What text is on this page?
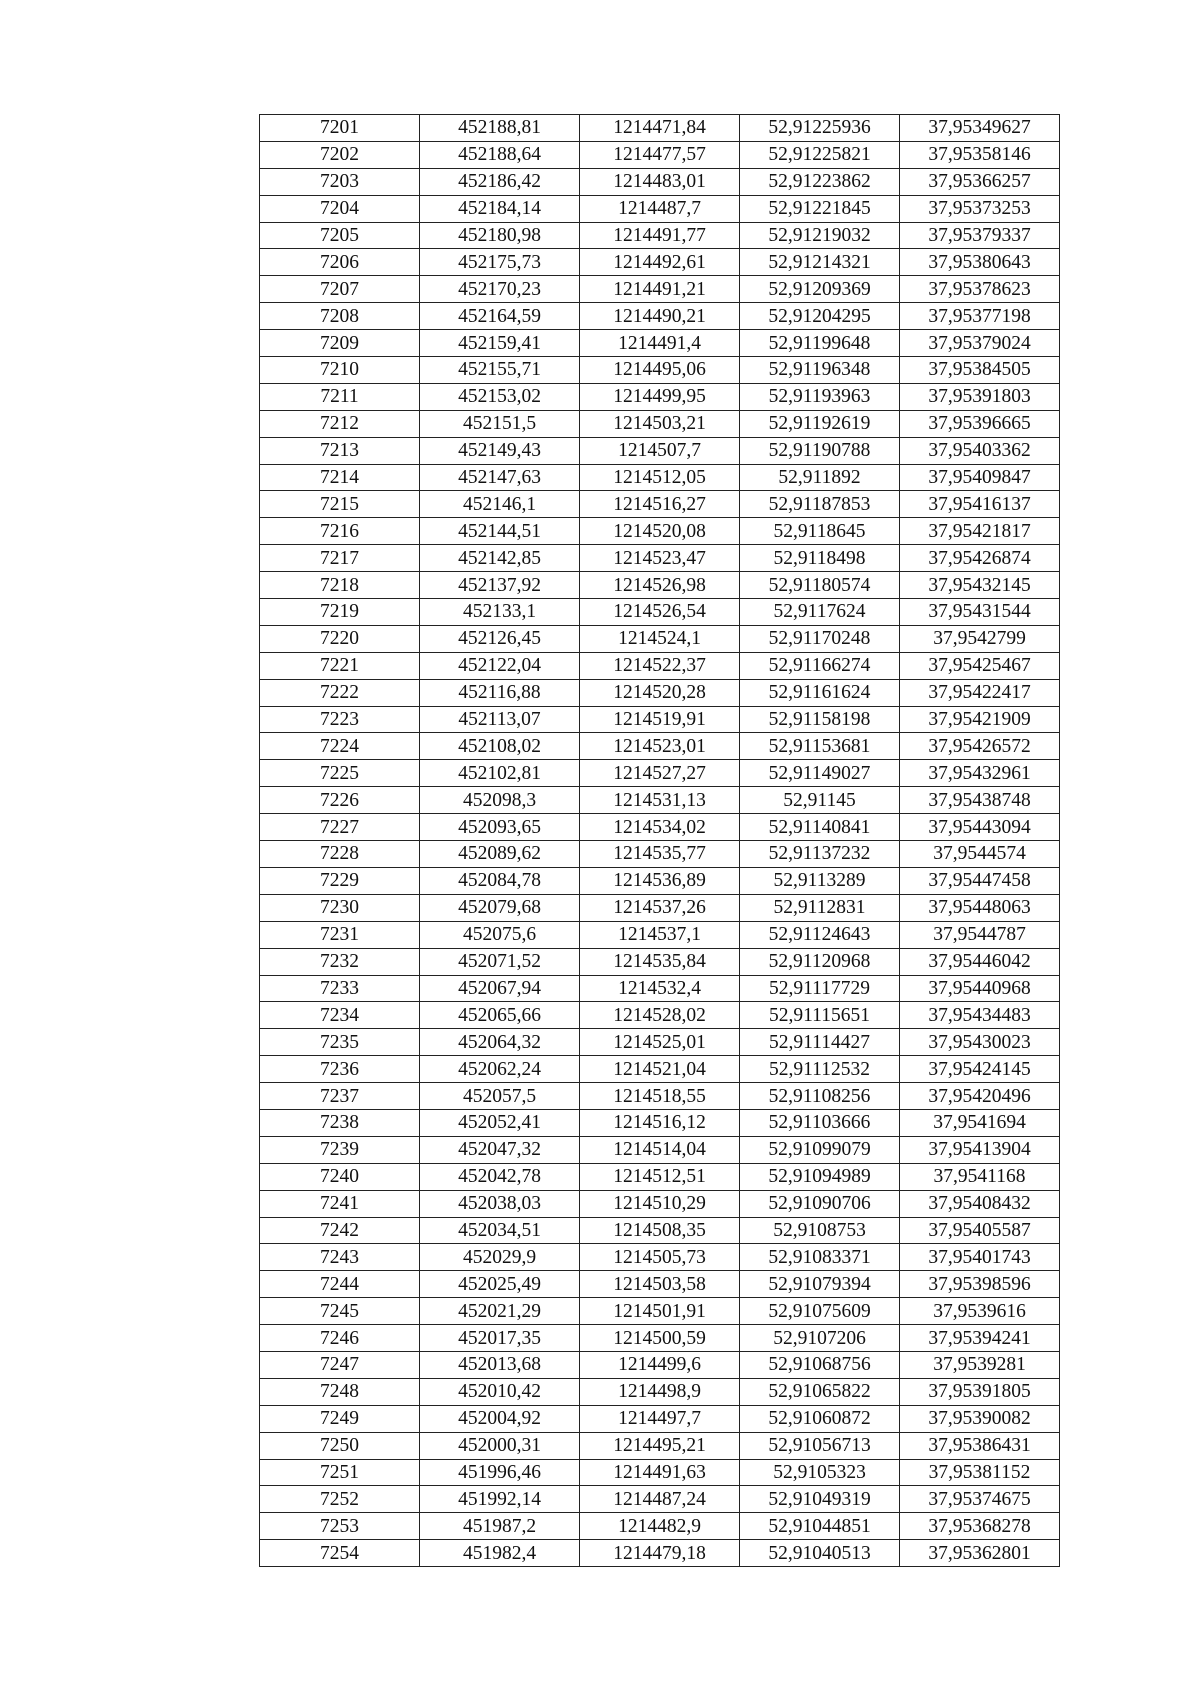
7201	452188,81	1214471,84	52,91225936	37,95349627
7202	452188,64	1214477,57	52,91225821	37,95358146
7203	452186,42	1214483,01	52,91223862	37,95366257
7204	452184,14	1214487,7	52,91221845	37,95373253
7205	452180,98	1214491,77	52,91219032	37,95379337
7206	452175,73	1214492,61	52,91214321	37,95380643
7207	452170,23	1214491,21	52,91209369	37,95378623
7208	452164,59	1214490,21	52,91204295	37,95377198
7209	452159,41	1214491,4	52,91199648	37,95379024
7210	452155,71	1214495,06	52,91196348	37,95384505
7211	452153,02	1214499,95	52,91193963	37,95391803
7212	452151,5	1214503,21	52,91192619	37,95396665
7213	452149,43	1214507,7	52,91190788	37,95403362
7214	452147,63	1214512,05	52,911892	37,95409847
7215	452146,1	1214516,27	52,91187853	37,95416137
7216	452144,51	1214520,08	52,9118645	37,95421817
7217	452142,85	1214523,47	52,9118498	37,95426874
7218	452137,92	1214526,98	52,91180574	37,95432145
7219	452133,1	1214526,54	52,9117624	37,95431544
7220	452126,45	1214524,1	52,91170248	37,9542799
7221	452122,04	1214522,37	52,91166274	37,95425467
7222	452116,88	1214520,28	52,91161624	37,95422417
7223	452113,07	1214519,91	52,91158198	37,95421909
7224	452108,02	1214523,01	52,91153681	37,95426572
7225	452102,81	1214527,27	52,91149027	37,95432961
7226	452098,3	1214531,13	52,91145	37,95438748
7227	452093,65	1214534,02	52,91140841	37,95443094
7228	452089,62	1214535,77	52,91137232	37,9544574
7229	452084,78	1214536,89	52,9113289	37,95447458
7230	452079,68	1214537,26	52,9112831	37,95448063
7231	452075,6	1214537,1	52,91124643	37,9544787
7232	452071,52	1214535,84	52,91120968	37,95446042
7233	452067,94	1214532,4	52,91117729	37,95440968
7234	452065,66	1214528,02	52,91115651	37,95434483
7235	452064,32	1214525,01	52,91114427	37,95430023
7236	452062,24	1214521,04	52,91112532	37,95424145
7237	452057,5	1214518,55	52,91108256	37,95420496
7238	452052,41	1214516,12	52,91103666	37,9541694
7239	452047,32	1214514,04	52,91099079	37,95413904
7240	452042,78	1214512,51	52,91094989	37,9541168
7241	452038,03	1214510,29	52,91090706	37,95408432
7242	452034,51	1214508,35	52,9108753	37,95405587
7243	452029,9	1214505,73	52,91083371	37,95401743
7244	452025,49	1214503,58	52,91079394	37,95398596
7245	452021,29	1214501,91	52,91075609	37,9539616
7246	452017,35	1214500,59	52,9107206	37,95394241
7247	452013,68	1214499,6	52,91068756	37,9539281
7248	452010,42	1214498,9	52,91065822	37,95391805
7249	452004,92	1214497,7	52,91060872	37,95390082
7250	452000,31	1214495,21	52,91056713	37,95386431
7251	451996,46	1214491,63	52,9105323	37,95381152
7252	451992,14	1214487,24	52,91049319	37,95374675
7253	451987,2	1214482,9	52,91044851	37,95368278
7254	451982,4	1214479,18	52,91040513	37,95362801
